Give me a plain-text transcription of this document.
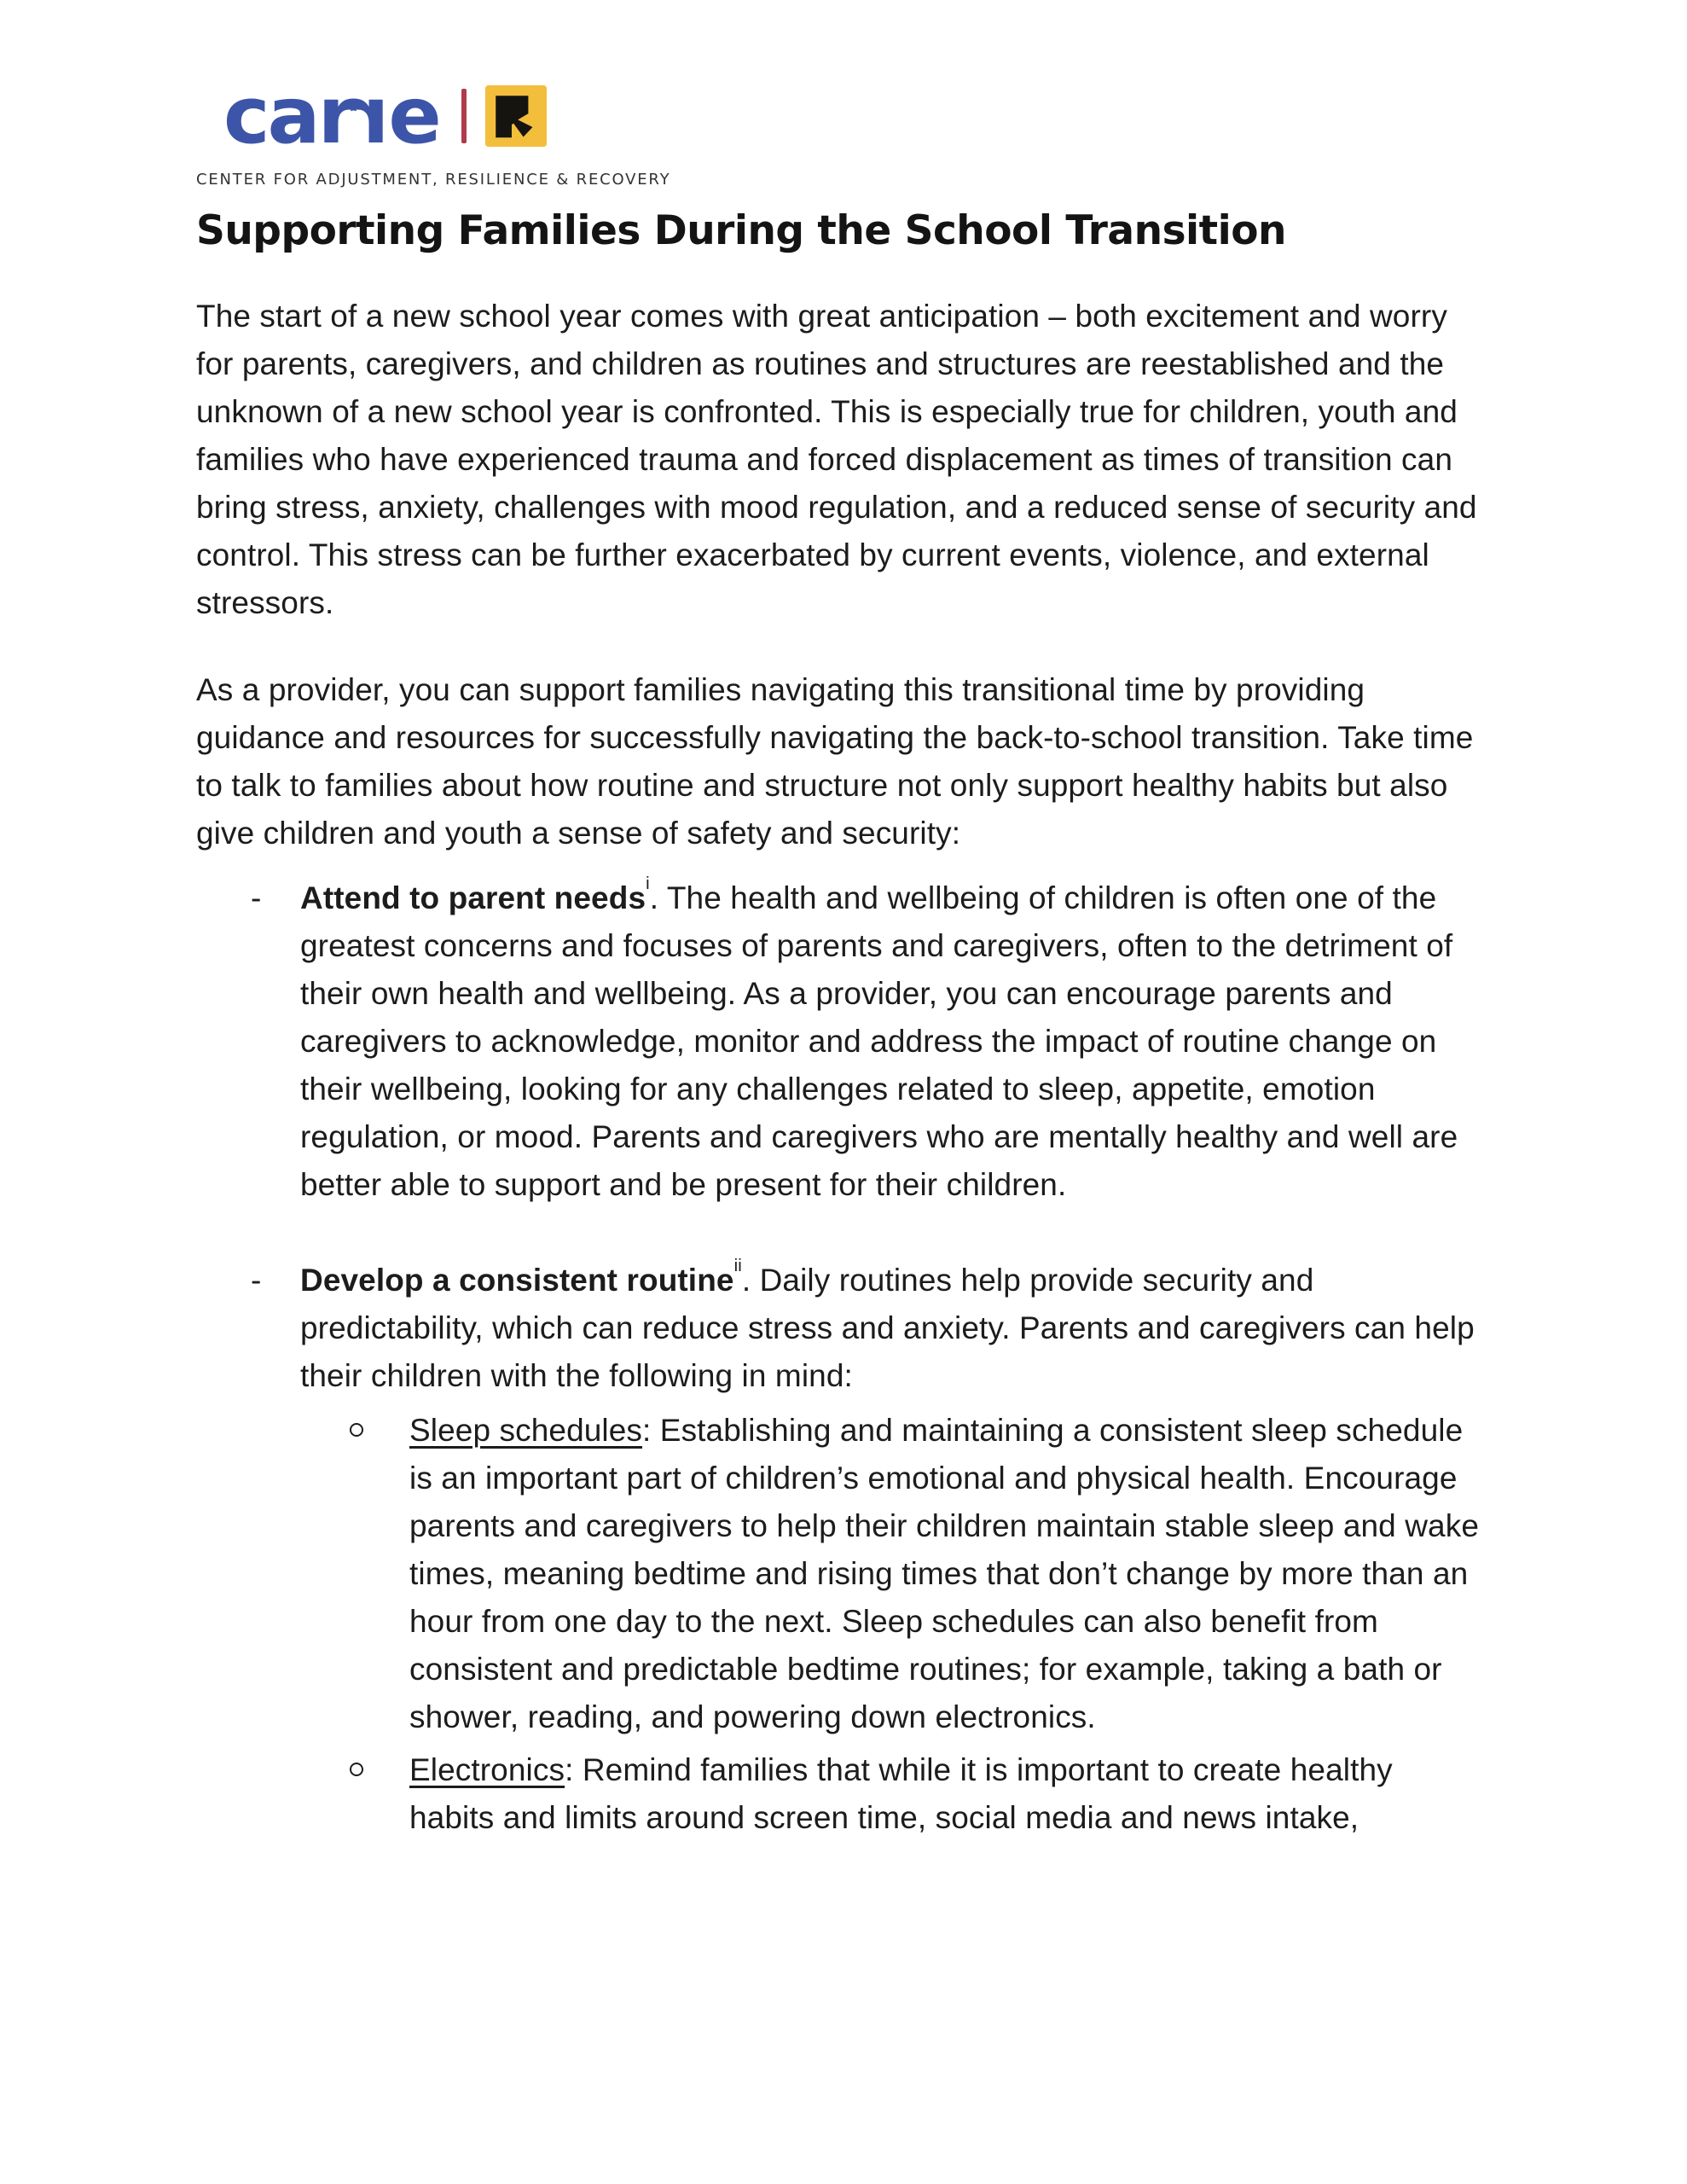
car r e
CENTER FOR ADJUSTMENT, RESILIENCE & RECOVERY
Supporting Families During the School Transition

The start of a new school year comes with great anticipation – both excitement and worry for parents, caregivers, and children as routines and structures are reestablished and the unknown of a new school year is confronted. This is especially true for children, youth and families who have experienced trauma and forced displacement as times of transition can bring stress, anxiety, challenges with mood regulation, and a reduced sense of security and control. This stress can be further exacerbated by current events, violence, and external stressors.

As a provider, you can support families navigating this transitional time by providing guidance and resources for successfully navigating the back-to-school transition. Take time to talk to families about how routine and structure not only support healthy habits but also give children and youth a sense of safety and security:

- Attend to parent needs$^i$. The health and wellbeing of children is often one of the greatest concerns and focuses of parents and caregivers, often to the detriment of their own health and wellbeing. As a provider, you can encourage parents and caregivers to acknowledge, monitor and address the impact of routine change on their wellbeing, looking for any challenges related to sleep, appetite, emotion regulation, or mood. Parents and caregivers who are mentally healthy and well are better able to support and be present for their children.
- Develop a consistent routine$^{ii}$. Daily routines help provide security and predictability, which can reduce stress and anxiety. Parents and caregivers can help their children with the following in mind:
Sleep schedules: Establishing and maintaining a consistent sleep schedule is an important part of children’s emotional and physical health. Encourage parents and caregivers to help their children maintain stable sleep and wake times, meaning bedtime and rising times that don’t change by more than an hour from one day to the next. Sleep schedules can also benefit from consistent and predictable bedtime routines; for example, taking a bath or shower, reading, and powering down electronics.
Electronics: Remind families that while it is important to create healthy habits and limits around screen time, social media and news intake,
